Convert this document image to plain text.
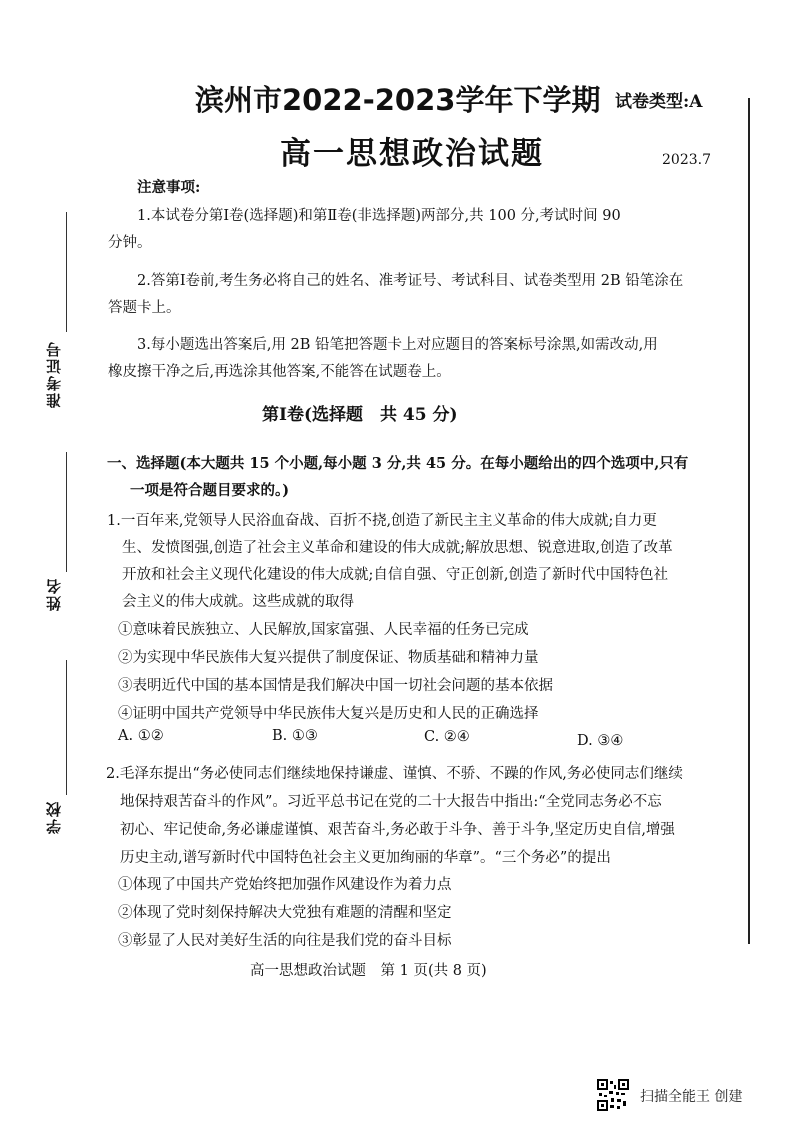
滨州市2022-2023学年下学期 试卷类型:A
高一思想政治试题	2023.7
准考证号
姓名
学校
注意事项:
1.本试卷分第Ⅰ卷(选择题)和第Ⅱ卷(非选择题)两部分,共 100 分,考试时间 90
分钟。
2.答第Ⅰ卷前,考生务必将自己的姓名、准考证号、考试科目、试卷类型用 2B 铅笔涂在
答题卡上。
3.每小题选出答案后,用 2B 铅笔把答题卡上对应题目的答案标号涂黑,如需改动,用
橡皮擦干净之后,再选涂其他答案,不能答在试题卷上。
第Ⅰ卷(选择题　共 45 分)
一、选择题(本大题共 15 个小题,每小题 3 分,共 45 分。在每小题给出的四个选项中,只有
一项是符合题目要求的。)
1.一百年来,党领导人民浴血奋战、百折不挠,创造了新民主主义革命的伟大成就;自力更
生、发愤图强,创造了社会主义革命和建设的伟大成就;解放思想、锐意进取,创造了改革
开放和社会主义现代化建设的伟大成就;自信自强、守正创新,创造了新时代中国特色社
会主义的伟大成就。这些成就的取得
①意味着民族独立、人民解放,国家富强、人民幸福的任务已完成
②为实现中华民族伟大复兴提供了制度保证、物质基础和精神力量
③表明近代中国的基本国情是我们解决中国一切社会问题的基本依据
④证明中国共产党领导中华民族伟大复兴是历史和人民的正确选择
A. ①②	B. ①③	C. ②④	D. ③④
2.毛泽东提出“务必使同志们继续地保持谦虚、谨慎、不骄、不躁的作风,务必使同志们继续
地保持艰苦奋斗的作风”。习近平总书记在党的二十大报告中指出:“全党同志务必不忘
初心、牢记使命,务必谦虚谨慎、艰苦奋斗,务必敢于斗争、善于斗争,坚定历史自信,增强
历史主动,谱写新时代中国特色社会主义更加绚丽的华章”。“三个务必”的提出
①体现了中国共产党始终把加强作风建设作为着力点
②体现了党时刻保持解决大党独有难题的清醒和坚定
③彰显了人民对美好生活的向往是我们党的奋斗目标
高一思想政治试题　第 1 页(共 8 页)
扫描全能王 创建
